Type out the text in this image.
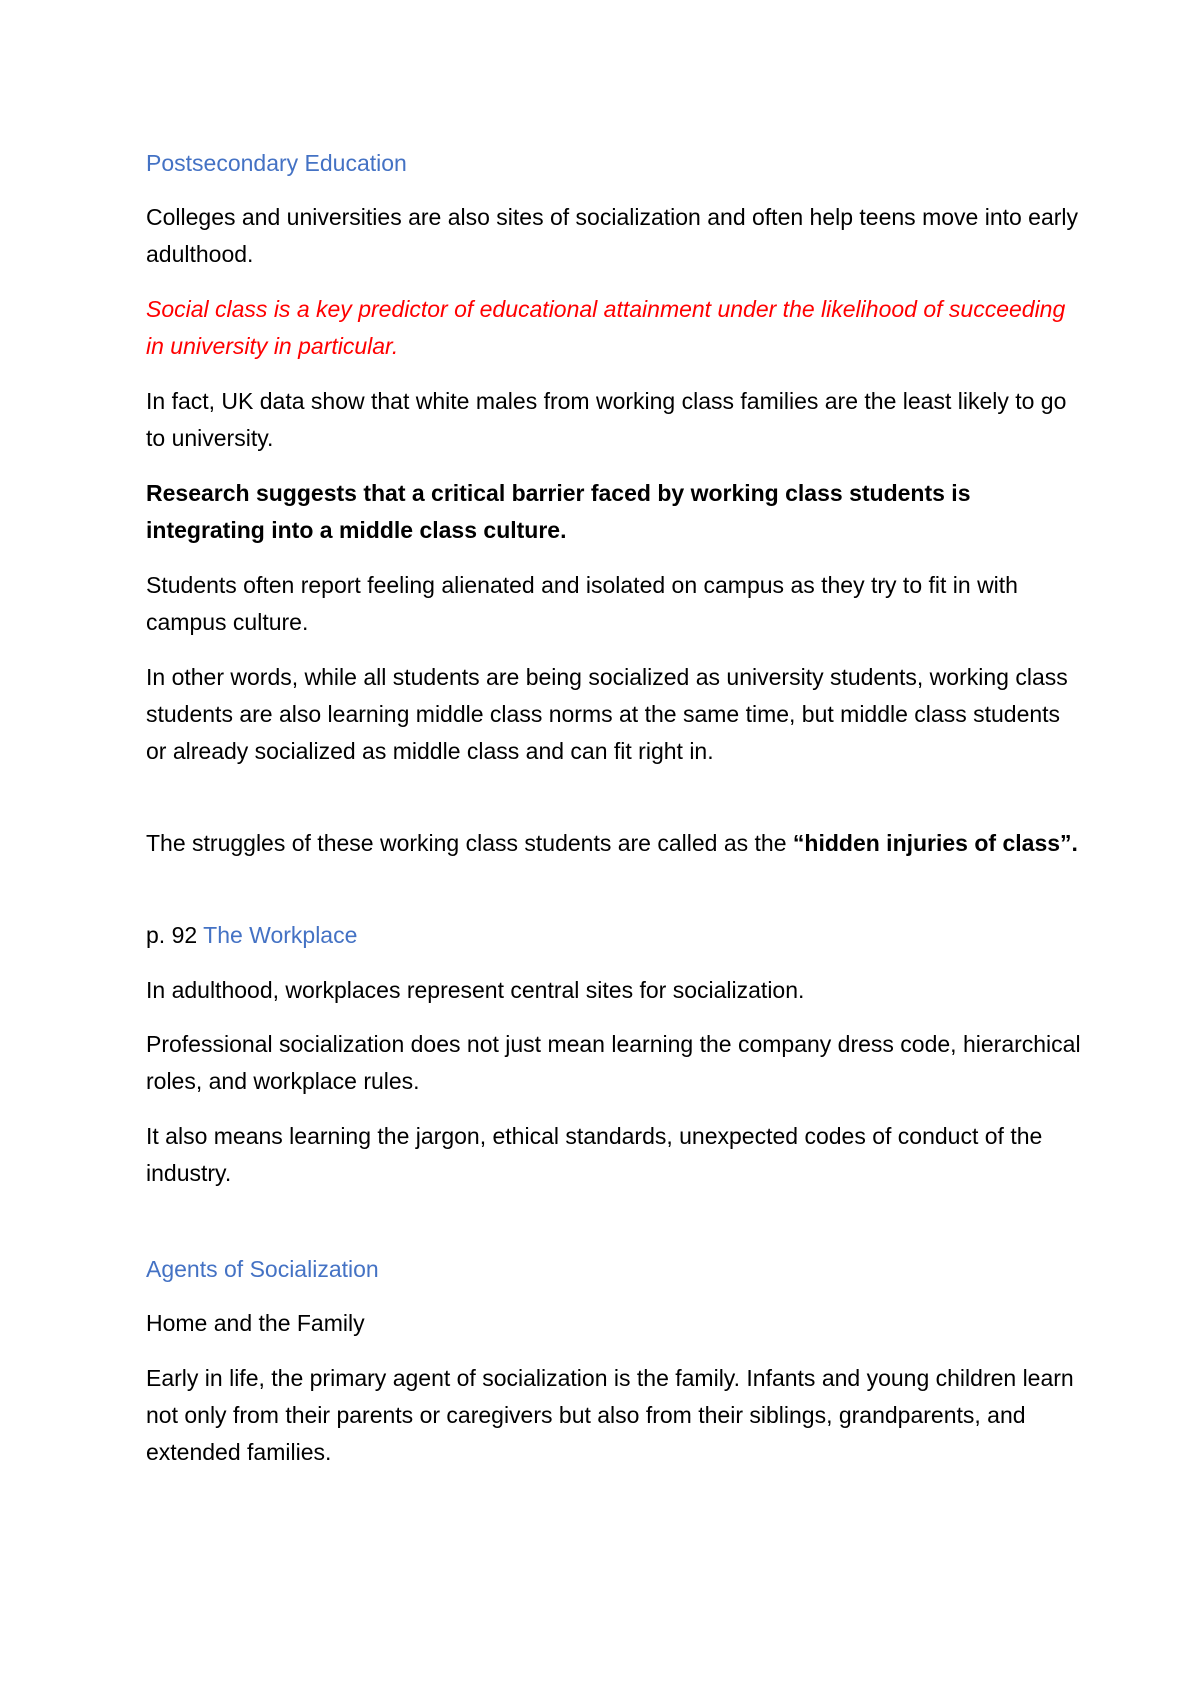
Postsecondary Education

Colleges and universities are also sites of socialization and often help teens move into early adulthood.

Social class is a key predictor of educational attainment under the likelihood of succeeding in university in particular.

In fact, UK data show that white males from working class families are the least likely to go to university.

Research suggests that a critical barrier faced by working class students is integrating into a middle class culture.

Students often report feeling alienated and isolated on campus as they try to fit in with campus culture.

In other words, while all students are being socialized as university students, working class students are also learning middle class norms at the same time, but middle class students or already socialized as middle class and can fit right in.

The struggles of these working class students are called as the “hidden injuries of class”.

p. 92 The Workplace

In adulthood, workplaces represent central sites for socialization.

Professional socialization does not just mean learning the company dress code, hierarchical roles, and workplace rules.

It also means learning the jargon, ethical standards, unexpected codes of conduct of the industry.

Agents of Socialization

Home and the Family

Early in life, the primary agent of socialization is the family. Infants and young children learn not only from their parents or caregivers but also from their siblings, grandparents, and extended families.
